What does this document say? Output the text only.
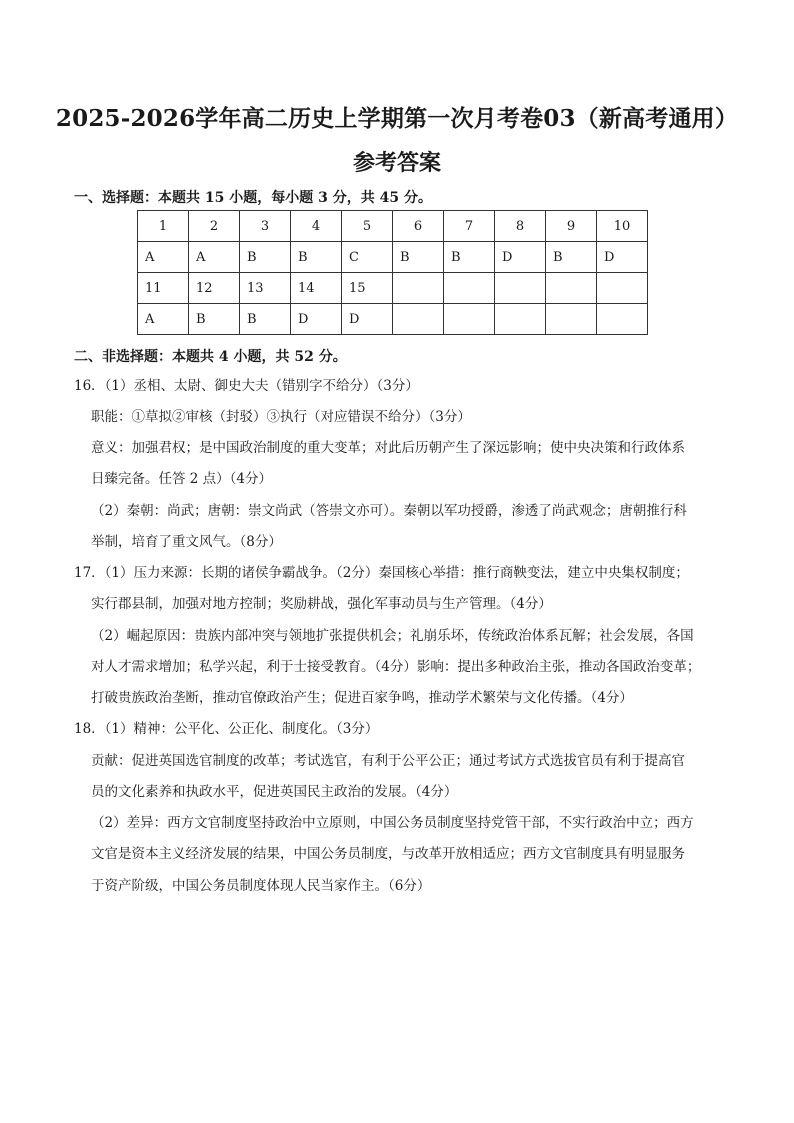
2025-2026学年高二历史上学期第一次月考卷03（新高考通用）
参考答案
一、选择题：本题共 15 小题，每小题 3 分，共 45 分。
1	2	3	4	5	6	7	8	9	10
A	A	B	B	C	B	B	D	B	D
11	12	13	14	15					
A	B	B	D	D					
二、非选择题：本题共 4 小题，共 52 分。
16．（1）丞相、太尉、御史大夫（错别字不给分）（3分）
职能：①草拟②审核（封驳）③执行（对应错误不给分）（3分）
意义：加强君权；是中国政治制度的重大变革；对此后历朝产生了深远影响；使中央决策和行政体系
日臻完备。任答 2 点）（4分）
（2）秦朝：尚武；唐朝：崇文尚武（答崇文亦可）。秦朝以军功授爵，渗透了尚武观念；唐朝推行科
举制，培育了重文风气。（8分）
17．（1）压力来源：长期的诸侯争霸战争。（2分）秦国核心举措：推行商鞅变法，建立中央集权制度；
实行郡县制，加强对地方控制；奖励耕战，强化军事动员与生产管理。（4分）
（2）崛起原因：贵族内部冲突与领地扩张提供机会；礼崩乐坏，传统政治体系瓦解；社会发展，各国
对人才需求增加；私学兴起，利于士接受教育。（4分）影响：提出多种政治主张，推动各国政治变革；
打破贵族政治垄断，推动官僚政治产生；促进百家争鸣，推动学术繁荣与文化传播。（4分）
18．（1）精神：公平化、公正化、制度化。（3分）
贡献：促进英国选官制度的改革；考试选官，有利于公平公正；通过考试方式选拔官员有利于提高官
员的文化素养和执政水平，促进英国民主政治的发展。（4分）
（2）差异：西方文官制度坚持政治中立原则，中国公务员制度坚持党管干部，不实行政治中立；西方
文官是资本主义经济发展的结果，中国公务员制度，与改革开放相适应；西方文官制度具有明显服务
于资产阶级，中国公务员制度体现人民当家作主。（6分）
